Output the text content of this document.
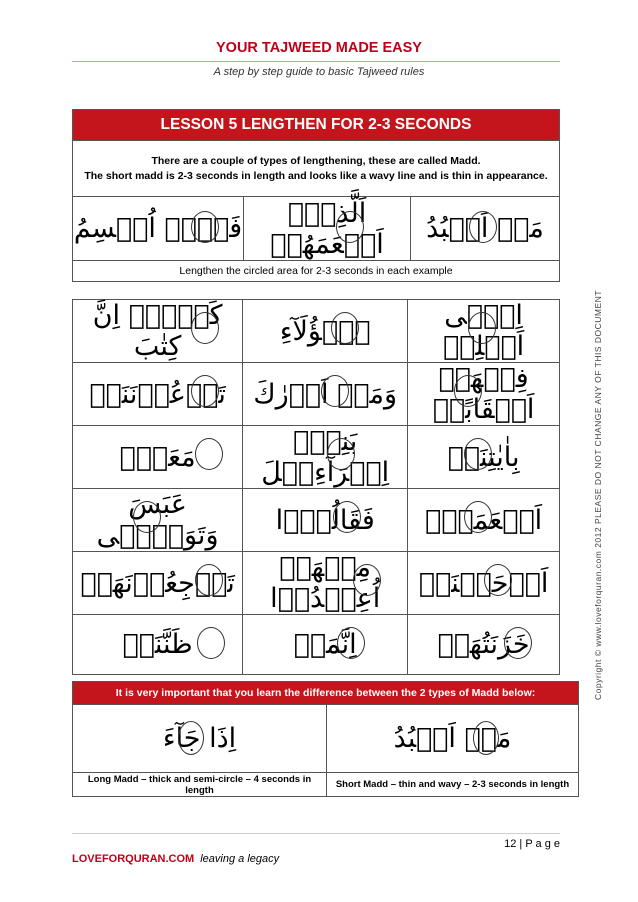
YOUR TAJWEED MADE EASY
A step by step guide to basic Tajweed rules
LESSON 5 LENGTHEN FOR 2-3 SECONDS

There are a couple of types of lengthening, these are called Madd.
The short madd is 2-3 seconds in length and looks like a wavy line and is thin in appearance.

فَلَاۤ اُقۡسِمُ	اَلَّذِیۡۤ اَطۡعَمَهُمۡ	مَاۤ اَعۡبُدُ
Lengthen the circled area for 2-3 seconds in each example
كَلَّاۤ اِنَّ كِتٰبَ	هٰۤؤُلَآءِ	اِلٰۤی اَهۡلِهٖ

تَدۡعُوۡنَنَاۤ	وَمَاۤ اَدۡرٰكَ	فِیۡهَاۤ اَحۡقَابًاۤ

مَعَهٗۤ	بَنِیۡۤ اِسۡرَآءِیۡلَ	بِاٰیٰتِنَاۤ

عَبَسَ وَتَوَلّٰۤی	فَقَالُوۡۤا	اَطۡعَمَهٗۤ

تَرۡجِعُوۡنَهَاۤ	مِنۡهَاۤ اُعِیۡدُوۡا	اَوۡحَیۡنَاۤ

ظَنَّنَاۤ	اِنَّمَاۤ	خَزَنَتُهَاۤ
It is very important that you learn the difference between the 2 types of Madd below:	

اِذَا جَآءَ	مَاۤ اَعۡبُدُ
Long Madd – thick and semi-circle – 4 seconds in length	Short Madd – thin and wavy – 2-3 seconds in length
Copyright © www.loveforquran.com 2012 PLEASE DO NOT CHANGE ANY OF THIS DOCUMENT
12 | P a g e
LOVEFORQURAN.COM leaving a legacy
